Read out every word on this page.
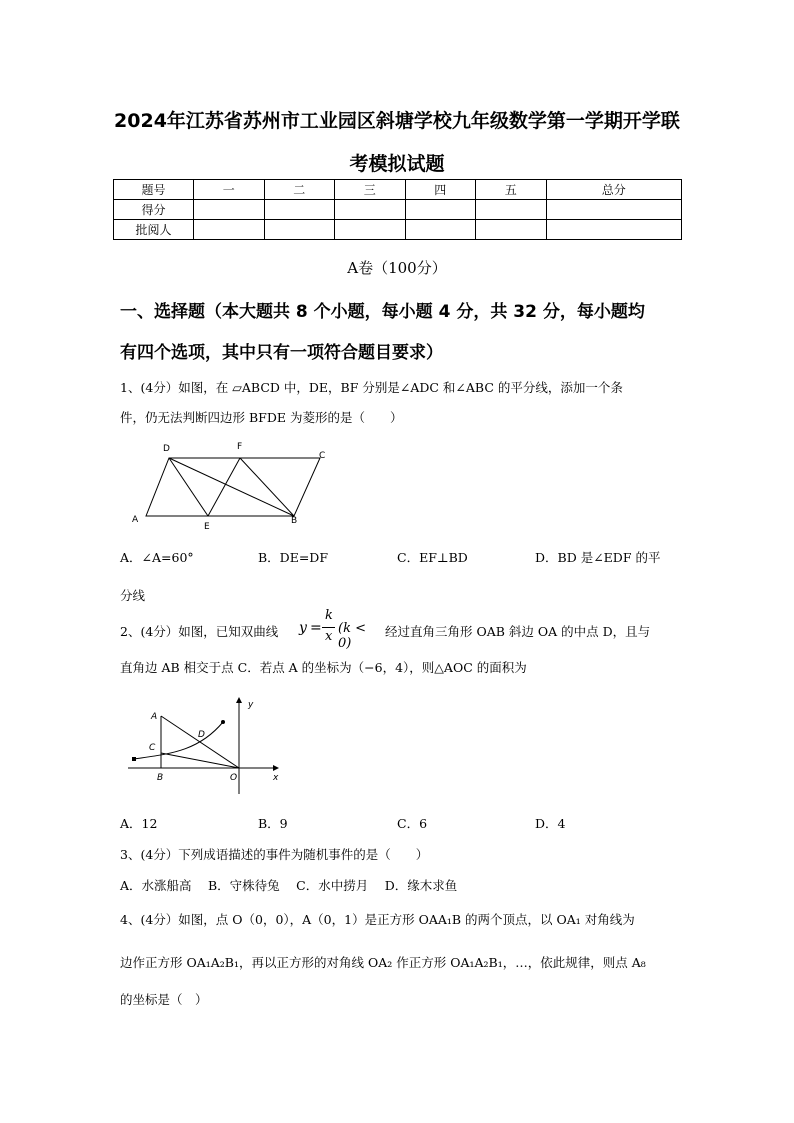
2024年江苏省苏州市工业园区斜塘学校九年级数学第一学期开学联
考模拟试题
题号	一	二	三	四	五	总分
得分						
批阅人						
A卷（100分）
一、选择题（本大题共 8 个小题，每小题 4 分，共 32 分，每小题均
有四个选项，其中只有一项符合题目要求）
1、(4分）如图，在 ▱ABCD 中，DE，BF 分别是∠ADC 和∠ABC 的平分线，添加一个条
件，仍无法判断四边形 BFDE 为菱形的是（　　）
D	F
C
A
E
B
A．∠A=60°	B．DE=DF	C．EF⊥BD	D．BD 是∠EDF 的平
分线
2、(4分）如图，已知双曲线 y =
k
x
(k < 0)
经过直角三角形 OAB 斜边 OA 的中点 D，且与
直角边 AB 相交于点 C．若点 A 的坐标为（−6，4），则△AOC 的面积为
A
D
C
B	O
y
x
A．12	B．9	C．6	D．4
3、(4分）下列成语描述的事件为随机事件的是（　　）
A．水涨船高　 B．守株待兔　 C．水中捞月　 D．缘木求鱼
4、(4分）如图，点 O（0，0），A（0，1）是正方形 OAA₁B 的两个顶点，以 OA₁ 对角线为
边作正方形 OA₁A₂B₁，再以正方形的对角线 OA₂ 作正方形 OA₁A₂B₁，…，依此规律，则点 A₈
的坐标是（　）
